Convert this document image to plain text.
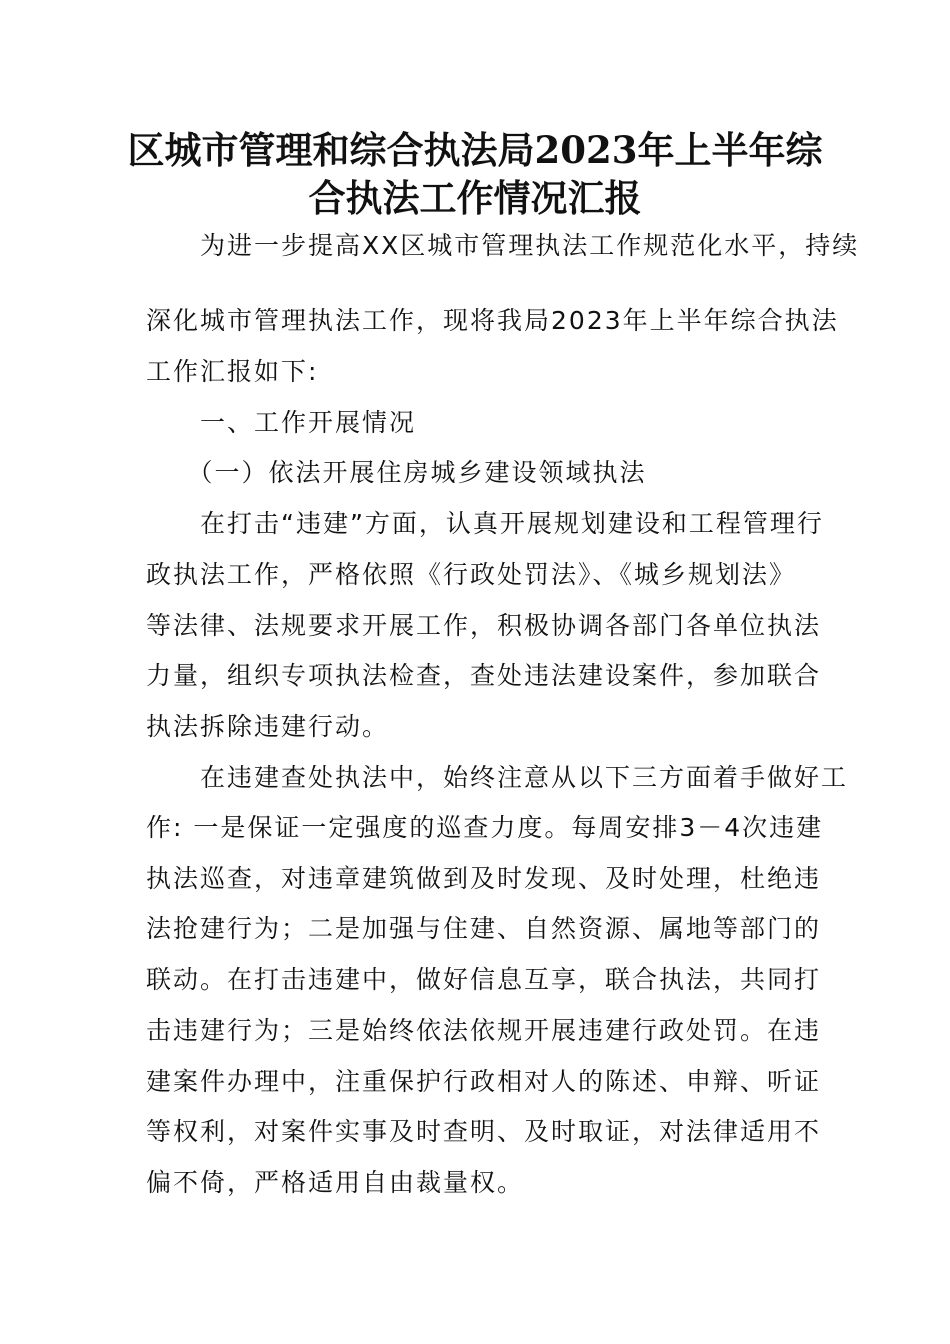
区城市管理和综合执法局2023年上半年综
合执法工作情况汇报
　　为进一步提高XX区城市管理执法工作规范化水平，持续
深化城市管理执法工作，现将我局2023年上半年综合执法
工作汇报如下:
　　一、工作开展情况
　　（一）依法开展住房城乡建设领域执法
　　在打击“违建”方面，认真开展规划建设和工程管理行
政执法工作，严格依照《行政处罚法》、《城乡规划法》
等法律、法规要求开展工作，积极协调各部门各单位执法
力量，组织专项执法检查，查处违法建设案件，参加联合
执法拆除违建行动。
　　在违建查处执法中，始终注意从以下三方面着手做好工
作: 一是保证一定强度的巡查力度。每周安排3－4次违建
执法巡查，对违章建筑做到及时发现、及时处理，杜绝违
法抢建行为；二是加强与住建、自然资源、属地等部门的
联动。在打击违建中，做好信息互享，联合执法，共同打
击违建行为；三是始终依法依规开展违建行政处罚。在违
建案件办理中，注重保护行政相对人的陈述、申辩、听证
等权利，对案件实事及时查明、及时取证，对法律适用不
偏不倚，严格适用自由裁量权。
